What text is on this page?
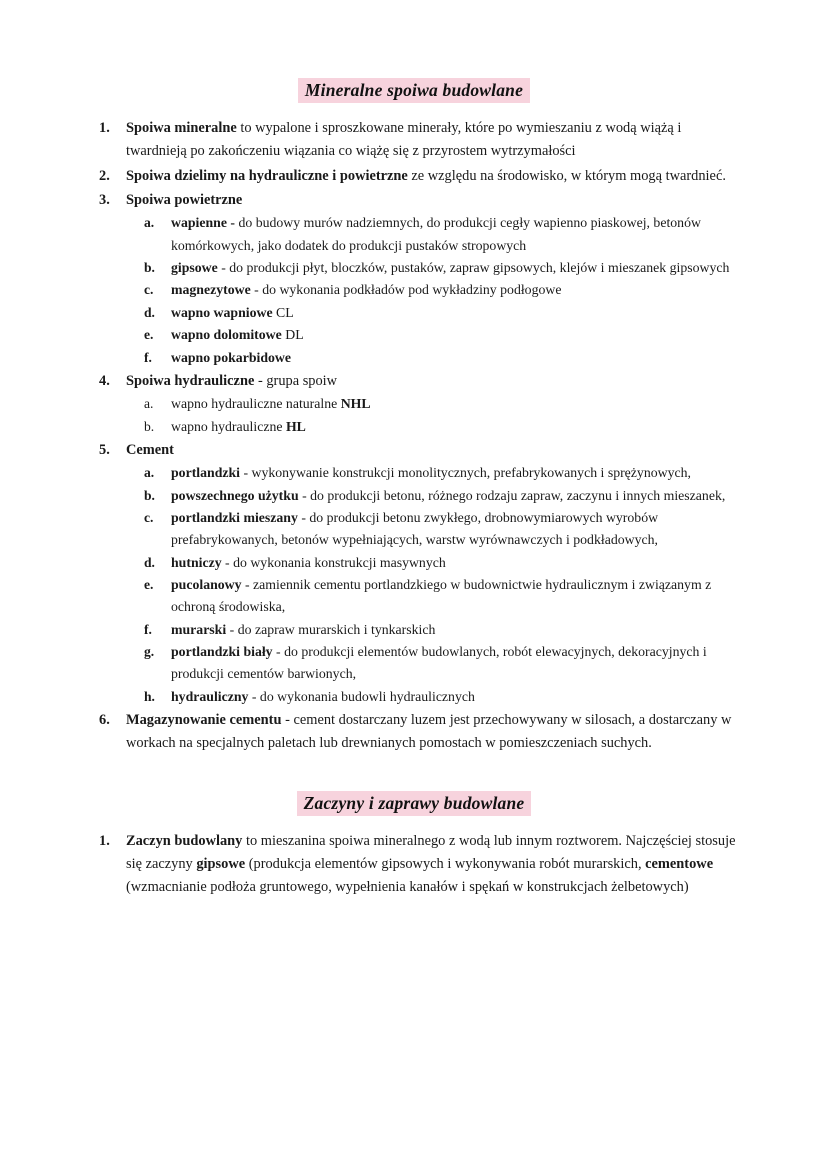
Mineralne spoiwa budowlane
1.	Spoiwa mineralne to wypalone i sproszkowane minerały, które po wymieszaniu z wodą wiążą i twardnieją po zakończeniu wiązania co wiążę się z przyrostem wytrzymałości
2.	Spoiwa dzielimy na hydrauliczne i powietrzne ze względu na środowisko, w którym mogą twardnieć.
3.	Spoiwa powietrzne
a. wapienne - do budowy murów nadziemnych, do produkcji cegły wapienno piaskowej, betonów komórkowych, jako dodatek do produkcji pustaków stropowych
b. gipsowe - do produkcji płyt, bloczków, pustaków, zapraw gipsowych, klejów i mieszanek gipsowych
c. magnezytowe - do wykonania podkładów pod wykładziny podłogowe
d. wapno wapniowe CL
e. wapno dolomitowe DL
f. wapno pokarbidowe
4.	Spoiwa hydrauliczne - grupa spoiw
a. wapno hydrauliczne naturalne NHL
b. wapno hydrauliczne HL
5.	Cement
a. portlandzki - wykonywanie konstrukcji monolitycznych, prefabrykowanych i sprężynowych,
b. powszechnego użytku - do produkcji betonu, różnego rodzaju zapraw, zaczynu i innych mieszanek,
c. portlandzki mieszany - do produkcji betonu zwykłego, drobnowymiarowych wyrobów prefabrykowanych, betonów wypełniających, warstw wyrównawczych i podkładowych,
d. hutniczy - do wykonania konstrukcji masywnych
e. pucolanowy - zamiennik cementu portlandzkiego w budownictwie hydraulicznym i związanym z ochroną środowiska,
f. murarski - do zapraw murarskich i tynkarskich
g. portlandzki biały - do produkcji elementów budowlanych, robót elewacyjnych, dekoracyjnych i produkcji cementów barwionych,
h. hydrauliczny - do wykonania budowli hydraulicznych
6.	Magazynowanie cementu - cement dostarczany luzem jest przechowywany w silosach, a dostarczany w workach na specjalnych paletach lub drewnianych pomostach w pomieszczeniach suchych.
Zaczyny i zaprawy budowlane
1.	Zaczyn budowlany to mieszanina spoiwa mineralnego z wodą lub innym roztworem. Najczęściej stosuje się zaczyny gipsowe (produkcja elementów gipsowych i wykonywania robót murarskich, cementowe (wzmacnianie podłoża gruntowego, wypełnienia kanałów i spękań w konstrukcjach żelbetowych)
